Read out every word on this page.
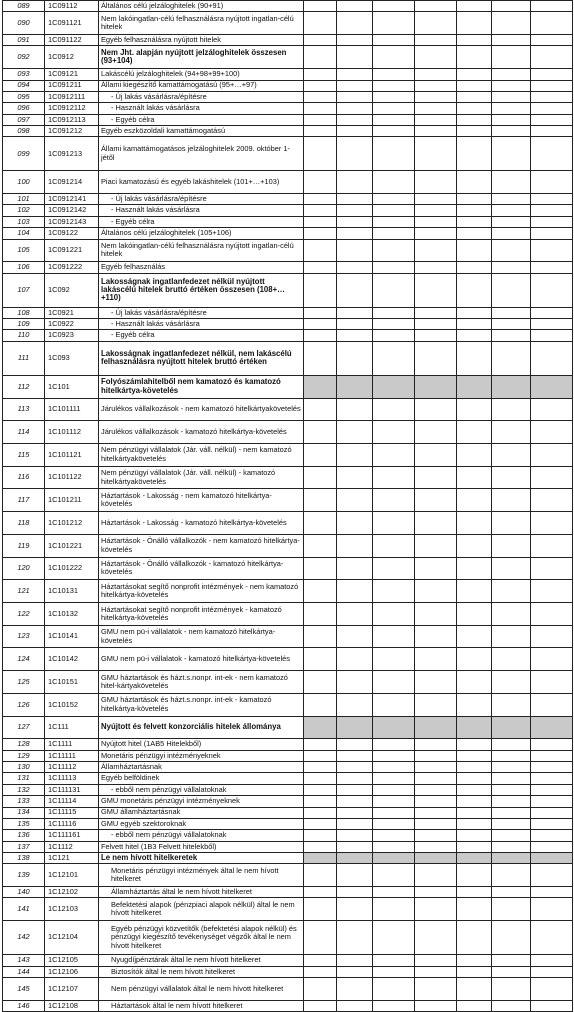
089	1C09112	Általános célú jelzáloghitelek (90+91)							
090	1C091121	Nem lakóingatlan-célú felhasználásra nyújtott ingatlan-célú hitelek							
091	1C091122	Egyéb felhasználásra nyújtott hitelek							
092	1C0912	Nem Jht. alapján nyújtott jelzáloghitelek összesen (93+104)							
093	1C09121	Lakáscélú jelzáloghitelek (94+98+99+100)							
094	1C091211	Állami kiegészítő kamattámogatású (95+…+97)							
095	1C0912111	- Új lakás vásárlásra/építésre							
096	1C0912112	- Használt lakás vásárlásra							
097	1C0912113	- Egyéb célra							
098	1C091212	Egyéb eszközoldali kamattámogatású							
099	1C091213	Állami kamattámogatásos jelzáloghitelek 2009. október 1-jétől							
100	1C091214	Piaci kamatozású és egyéb lakáshitelek (101+…+103)							
101	1C0912141	- Új lakás vásárlásra/építésre							
102	1C0912142	- Használt lakás vásárlásra							
103	1C0912143	- Egyéb célra							
104	1C09122	Általános célú jelzáloghitelek (105+106)							
105	1C091221	Nem lakóingatlan-célú felhasználásra nyújtott ingatlan-célú hitelek							
106	1C091222	Egyéb felhasználás							
107	1C092	Lakosságnak ingatlanfedezet nélkül nyújtott lakáscélú hitelek bruttó értéken összesen (108+…+110)							
108	1C0921	- Új lakás vásárlásra/építésre							
109	1C0922	- Használt lakás vásárlásra							
110	1C0923	- Egyéb célra							
111	1C093	Lakosságnak ingatlanfedezet nélkül, nem lakáscélú felhasználásra nyújtott hitelek bruttó értéken							
112	1C101	Folyószámlahitelből nem kamatozó és kamatozó hitelkártya-követelés							
113	1C101111	Járulékos vállalkozások - nem kamatozó hitelkártyakövetelés							
114	1C101112	Járulékos vállalkozások - kamatozó hitelkártya-követelés							
115	1C101121	Nem pénzügyi vállalatok (Jár. váll. nélkül) - nem kamatozó hitelkártyakövetelés							
116	1C101122	Nem pénzügyi vállalatok (Jár. váll. nélkül) - kamatozó hitelkártyakövetelés							
117	1C101211	Háztartások - Lakosság - nem kamatozó hitelkártya-követelés							
118	1C101212	Háztartások - Lakosság - kamatozó hitelkártya-követelés							
119	1C101221	Háztartások - Önálló vállalkozók - nem kamatozó hitelkártya-követelés							
120	1C101222	Háztartások - Önálló vállalkozók - kamatozó hitelkártya-követelés							
121	1C10131	Háztartásokat segítő nonprofit intézmények - nem kamatozó hitelkártya-követelés							
122	1C10132	Háztartásokat segítő nonprofit intézmények - kamatozó hitelkártya-követelés							
123	1C10141	GMU nem pü-i vállalatok - nem kamatozó hitelkártya-követelés							
124	1C10142	GMU nem pü-i vállalatok - kamatozó hitelkártya-követelés							
125	1C10151	GMU háztartások és házt.s.nonpr. int-ek - nem kamatozó hitel-kártyakövetelés							
126	1C10152	GMU háztartások és házt.s.nonpr. int-ek - kamatozó hitelkártya-követelés							
127	1C111	Nyújtott és felvett konzorciális hitelek állománya							
128	1C1111	Nyújtott hitel (1AB5 Hitelekből)							
129	1C11111	Monetáris pénzügyi intézményeknek							
130	1C11112	Államháztartásnak							
131	1C11113	Egyéb belföldinek							
132	1C111131	- ebből nem pénzügyi vállalatoknak							
133	1C11114	GMU monetáris pénzügyi intézményeknek							
134	1C11115	GMU államháztartásnak							
135	1C11116	GMU egyéb szektoroknak							
136	1C111161	- ebből nem pénzügyi vállalatoknak							
137	1C1112	Felvett hitel (1B3 Felvett hitelekből)							
138	1C121	Le nem hívott hitelkeretek							
139	1C12101	Monetáris pénzügyi intézmények által le nem hívott hitelkeret							
140	1C12102	Államháztartás által le nem hívott hitelkeret							
141	1C12103	Befektetési alapok (pénzpiaci alapok nélkül) által le nem hívott hitelkeret							
142	1C12104	Egyéb pénzügyi közvetítők (befektetési alapok nélkül) és pénzügyi kiegészítő tevékenységet végzők által le nem hívott hitelkeret							
143	1C12105	Nyugdíjpénztárak által le nem hívott hitelkeret							
144	1C12106	Biztosítók által le nem hívott hitelkeret							
145	1C12107	Nem pénzügyi vállalatok által le nem hívott hitelkeret							
146	1C12108	Háztartások által le nem hívott hitelkeret							
